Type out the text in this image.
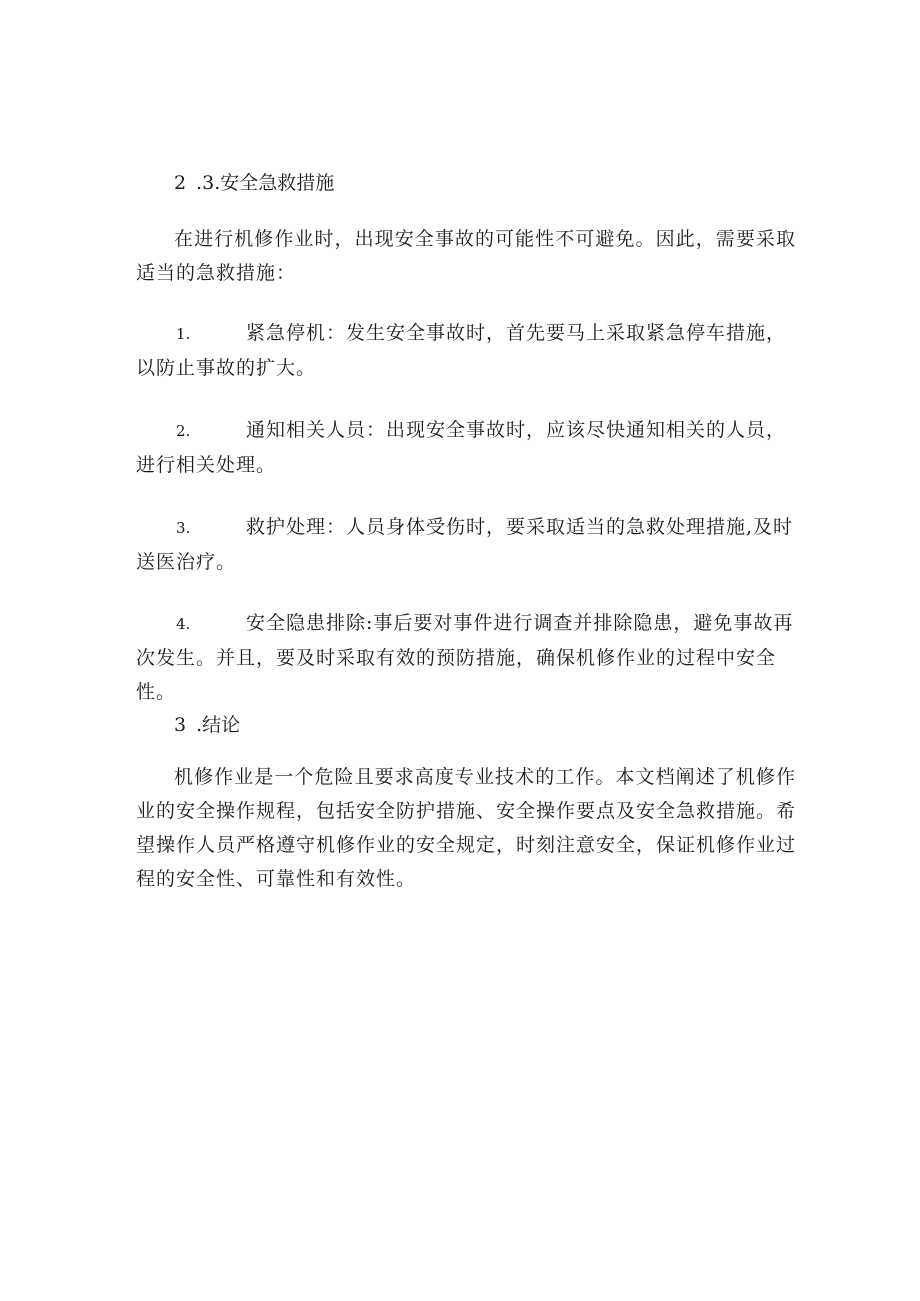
2 .3.安全急救措施

在进行机修作业时，出现安全事故的可能性不可避免。因此，需要采取适当的急救措施：

1.	紧急停机：发生安全事故时，首先要马上采取紧急停车措施，以防止事故的扩大。

2.	通知相关人员：出现安全事故时，应该尽快通知相关的人员，进行相关处理。

3.	救护处理：人员身体受伤时，要采取适当的急救处理措施,及时送医治疗。

4.	安全隐患排除:事后要对事件进行调查并排除隐患，避免事故再次发生。并且，要及时采取有效的预防措施，确保机修作业的过程中安全性。

3 .结论

机修作业是一个危险且要求高度专业技术的工作。本文档阐述了机修作业的安全操作规程，包括安全防护措施、安全操作要点及安全急救措施。希望操作人员严格遵守机修作业的安全规定，时刻注意安全，保证机修作业过程的安全性、可靠性和有效性。
